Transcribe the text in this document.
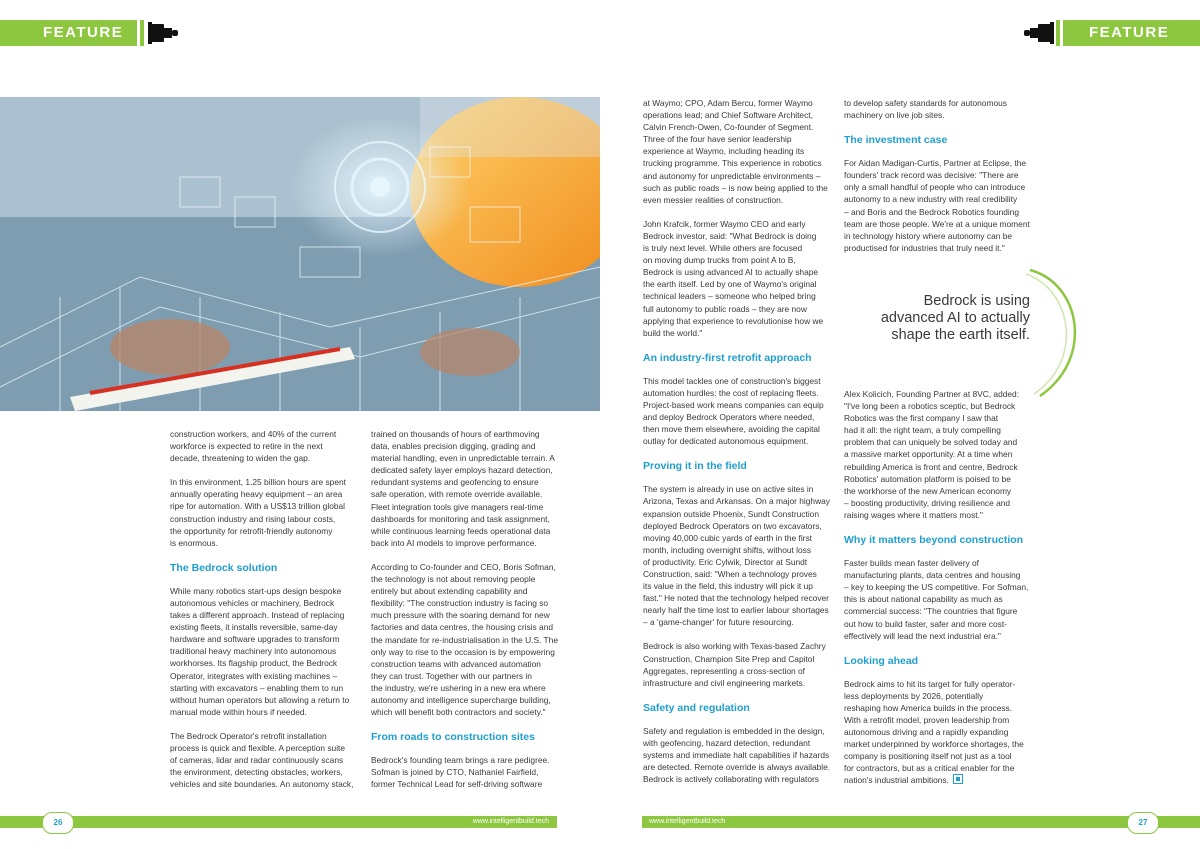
FEATURE	FEATURE

construction workers, and 40% of the current
workforce is expected to retire in the next
decade, threatening to widen the gap.

In this environment, 1.25 billion hours are spent
annually operating heavy equipment – an area
ripe for automation. With a US$13 trillion global
construction industry and rising labour costs,
the opportunity for retrofit-friendly autonomy
is enormous.

The Bedrock solution

While many robotics start-ups design bespoke
autonomous vehicles or machinery, Bedrock
takes a different approach. Instead of replacing
existing fleets, it installs reversible, same-day
hardware and software upgrades to transform
traditional heavy machinery into autonomous
workhorses. Its flagship product, the Bedrock
Operator, integrates with existing machines –
starting with excavators – enabling them to run
without human operators but allowing a return to
manual mode within hours if needed.

The Bedrock Operator's retrofit installation
process is quick and flexible. A perception suite
of cameras, lidar and radar continuously scans
the environment, detecting obstacles, workers,
vehicles and site boundaries. An autonomy stack,

trained on thousands of hours of earthmoving
data, enables precision digging, grading and
material handling, even in unpredictable terrain. A
dedicated safety layer employs hazard detection,
redundant systems and geofencing to ensure
safe operation, with remote override available.
Fleet integration tools give managers real-time
dashboards for monitoring and task assignment,
while continuous learning feeds operational data
back into AI models to improve performance.

According to Co-founder and CEO, Boris Sofman,
the technology is not about removing people
entirely but about extending capability and
flexibility: "The construction industry is facing so
much pressure with the soaring demand for new
factories and data centres, the housing crisis and
the mandate for re-industrialisation in the U.S. The
only way to rise to the occasion is by empowering
construction teams with advanced automation
they can trust. Together with our partners in
the industry, we're ushering in a new era where
autonomy and intelligence supercharge building,
which will benefit both contractors and society."

From roads to construction sites

Bedrock's founding team brings a rare pedigree.
Sofman is joined by CTO, Nathaniel Fairfield,
former Technical Lead for self-driving software

at Waymo; CPO, Adam Bercu, former Waymo
operations lead; and Chief Software Architect,
Calvin French-Owen, Co-founder of Segment.
Three of the four have senior leadership
experience at Waymo, including heading its
trucking programme. This experience in robotics
and autonomy for unpredictable environments –
such as public roads – is now being applied to the
even messier realities of construction.

John Krafcik, former Waymo CEO and early
Bedrock investor, said: "What Bedrock is doing
is truly next level. While others are focused
on moving dump trucks from point A to B,
Bedrock is using advanced AI to actually shape
the earth itself. Led by one of Waymo's original
technical leaders – someone who helped bring
full autonomy to public roads – they are now
applying that experience to revolutionise how we
build the world."

An industry-first retrofit approach

This model tackles one of construction's biggest
automation hurdles: the cost of replacing fleets.
Project-based work means companies can equip
and deploy Bedrock Operators where needed,
then move them elsewhere, avoiding the capital
outlay for dedicated autonomous equipment.

Proving it in the field

The system is already in use on active sites in
Arizona, Texas and Arkansas. On a major highway
expansion outside Phoenix, Sundt Construction
deployed Bedrock Operators on two excavators,
moving 40,000 cubic yards of earth in the first
month, including overnight shifts, without loss
of productivity. Eric Cylwik, Director at Sundt
Construction, said: "When a technology proves
its value in the field, this industry will pick it up
fast." He noted that the technology helped recover
nearly half the time lost to earlier labour shortages
– a 'game-changer' for future resourcing.

Bedrock is also working with Texas-based Zachry
Construction, Champion Site Prep and Capitol
Aggregates, representing a cross-section of
infrastructure and civil engineering markets.

Safety and regulation

Safety and regulation is embedded in the design,
with geofencing, hazard detection, redundant
systems and immediate halt capabilities if hazards
are detected. Remote override is always available.
Bedrock is actively collaborating with regulators

to develop safety standards for autonomous
machinery on live job sites.

The investment case

For Aidan Madigan-Curtis, Partner at Eclipse, the
founders' track record was decisive: "There are
only a small handful of people who can introduce
autonomy to a new industry with real credibility
– and Boris and the Bedrock Robotics founding
team are those people. We're at a unique moment
in technology history where autonomy can be
productised for industries that truly need it."

Alex Kolicich, Founding Partner at 8VC, added:
"I've long been a robotics sceptic, but Bedrock
Robotics was the first company I saw that
had it all: the right team, a truly compelling
problem that can uniquely be solved today and
a massive market opportunity. At a time when
rebuilding America is front and centre, Bedrock
Robotics' automation platform is poised to be
the workhorse of the new American economy
– boosting productivity, driving resilience and
raising wages where it matters most."

Why it matters beyond construction

Faster builds mean faster delivery of
manufacturing plants, data centres and housing
– key to keeping the US competitive. For Sofman,
this is about national capability as much as
commercial success: "The countries that figure
out how to build faster, safer and more cost-
effectively will lead the next industrial era."

Looking ahead

Bedrock aims to hit its target for fully operator-
less deployments by 2026, potentially
reshaping how America builds in the process.
With a retrofit model, proven leadership from
autonomous driving and a rapidly expanding
market underpinned by workforce shortages, the
company is positioning itself not just as a tool
for contractors, but as a critical enabler for the
nation's industrial ambitions.

Bedrock is using
advanced AI to actually
shape the earth itself.
www.intelligentbuild.tech	www.intelligentbuild.tech
26	27
